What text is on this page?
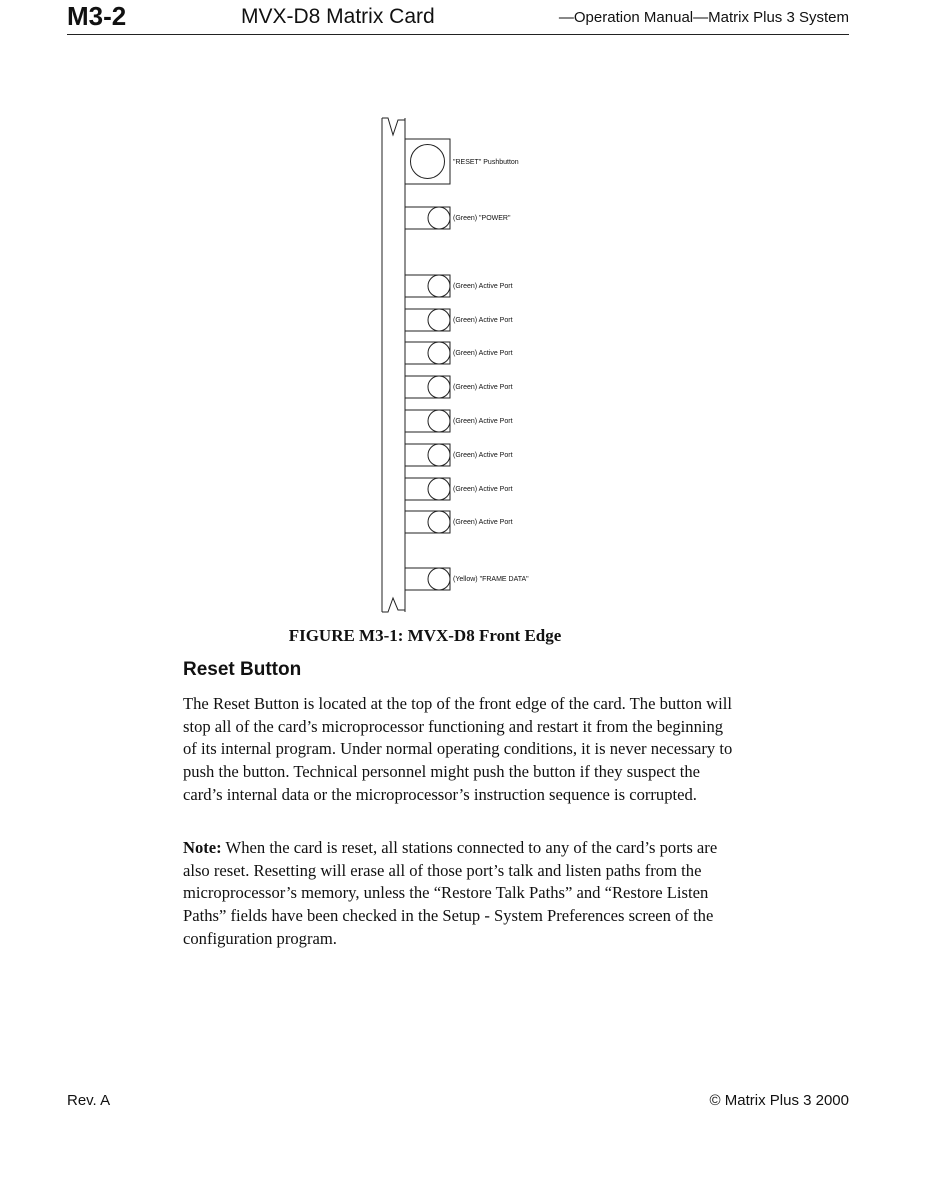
M3-2	MVX-D8 Matrix Card	—Operation Manual—Matrix Plus 3 System
"RESET" Pushbutton
(Green) "POWER"
(Green) Active Port
(Green) Active Port
(Green) Active Port
(Green) Active Port
(Green) Active Port
(Green) Active Port
(Green) Active Port
(Green) Active Port
(Yellow) "FRAME DATA"
FIGURE M3-1: MVX-D8 Front Edge
Reset Button

The Reset Button is located at the top of the front edge of the card. The button will stop all of the card’s microprocessor functioning and restart it from the beginning of its internal program. Under normal operating conditions, it is never necessary to push the button. Technical personnel might push the button if they suspect the card’s internal data or the microprocessor’s instruction sequence is corrupted.

Note: When the card is reset, all stations connected to any of the card’s ports are also reset. Resetting will erase all of those port’s talk and listen paths from the microprocessor’s memory, unless the “Restore Talk Paths” and “Restore Listen Paths” fields have been checked in the Setup - System Preferences screen of the configuration program.

Rev. A	© Matrix Plus 3 2000
